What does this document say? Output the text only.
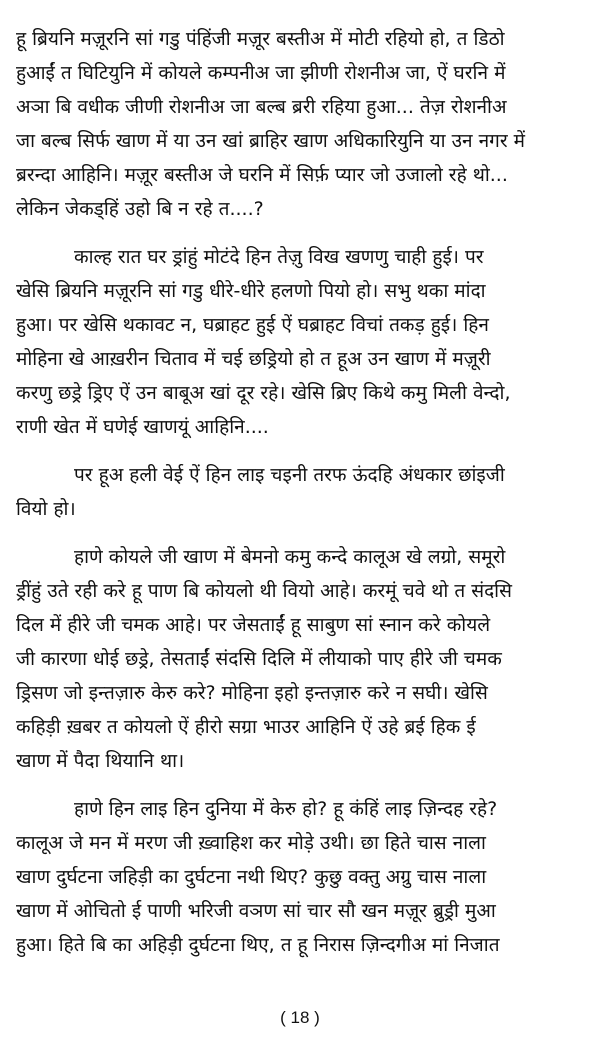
हू ब्रियनि मज़ूरनि सां गडु पंहिंजी मज़ूर बस्तीअ में मोटी रहियो हो, त डिठो
हुआईं त घिटियुनि में कोयले कम्पनीअ जा झीणी रोशनीअ जा, ऐं घरनि में
अञा बि वधीक जीणी रोशनीअ जा बल्ब ब्ररी रहिया हुआ... तेज़ रोशनीअ
जा बल्ब सिर्फ खाण में या उन खां ब्राहिर खाण अधिकारियुनि या उन नगर में
ब्ररन्दा आहिनि। मज़ूर बस्तीअ जे घरनि में सिर्फ़ प्यार जो उजालो रहे थो...
लेकिन जेकड्हिं उहो बि न रहे त....?
काल्ह रात घर ड्रांहुं मोटंदे हिन तेज़ु विख खणणु चाही हुई। पर
खेसि ब्रियनि मज़ूरनि सां गडु धीरे-धीरे हलणो पियो हो। सभु थका मांदा
हुआ। पर खेसि थकावट न, घब्राहट हुई ऐं घब्राहट विचां तकड़ हुई। हिन
मोहिना खे आख़रीन चिताव में चई छड्रियो हो त हूअ उन खाण में मज़ूरी
करणु छड्रे ड्रिए ऐं उन बाबूअ खां दूर रहे। खेसि ब्रिए किथे कमु मिली वेन्दो,
राणी खेत में घणेई खाणयूं आहिनि....
पर हूअ हली वेई ऐं हिन लाइ चइनी तरफ ऊंदहि अंधकार छांइजी
वियो हो।
हाणे कोयले जी खाण में बेमनो कमु कन्दे कालूअ खे लग्रो, समूरो
ड्रींहुं उते रही करे हू पाण बि कोयलो थी वियो आहे। करमूं चवे थो त संदसि
दिल में हीरे जी चमक आहे। पर जेसताईं हू साबुण सां स्नान करे कोयले
जी कारणा धोई छड्रे, तेसताईं संदसि दिलि में लीयाको पाए हीरे जी चमक
ड्रिसण जो इन्तज़ारु केरु करे? मोहिना इहो इन्तज़ारु करे न सघी। खेसि
कहिड़ी ख़बर त कोयलो ऐं हीरो सग्रा भाउर आहिनि ऐं उहे ब्रई हिक ई
खाण में पैदा थियानि था।
हाणे हिन लाइ हिन दुनिया में केरु हो? हू कंहिं लाइ ज़िन्दह रहे?
कालूअ जे मन में मरण जी ख़्वाहिश कर मोड़े उथी। छा हिते चास नाला
खाण दुर्घटना जहिड़ी का दुर्घटना नथी थिए? कुछु वक्तु अग्रु चास नाला
खाण में ओचितो ई पाणी भरिजी वञण सां चार सौ खन मज़ूर ब्रुड्री मुआ
हुआ। हिते बि का अहिड़ी दुर्घटना थिए, त हू निरास ज़िन्दगीअ मां निजात
( 18 )
